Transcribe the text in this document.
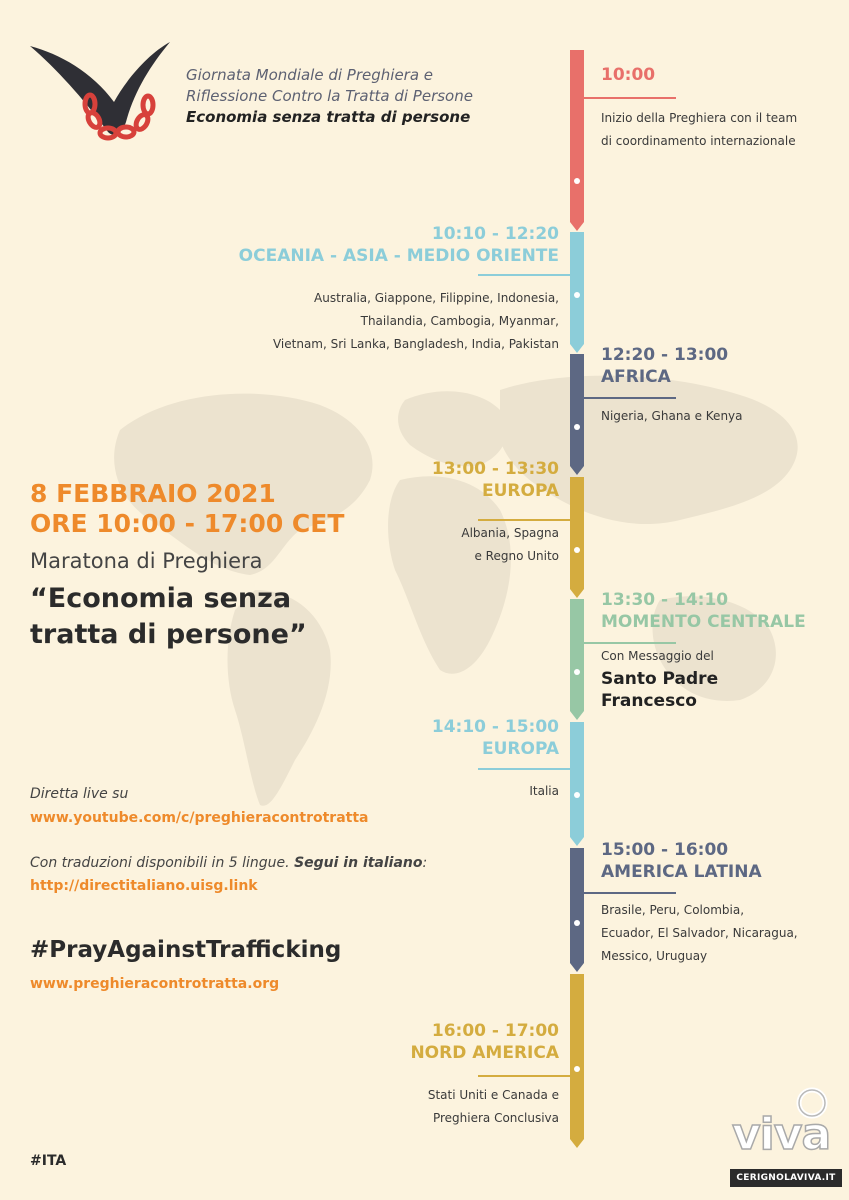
Giornata Mondiale di Preghiera e
Riflessione Contro la Tratta di Persone
Economia senza tratta di persone
10:00
Inizio della Preghiera con il team
di coordinamento internazionale
10:10 - 12:20
OCEANIA - ASIA - MEDIO ORIENTE
Australia, Giappone, Filippine, Indonesia,
Thailandia, Cambogia, Myanmar,
Vietnam, Sri Lanka, Bangladesh, India, Pakistan
12:20 - 13:00
AFRICA
Nigeria, Ghana e Kenya
13:00 - 13:30
EUROPA
Albania, Spagna
e Regno Unito
13:30 - 14:10
MOMENTO CENTRALE
Con Messaggio del
Santo Padre
Francesco
14:10 - 15:00
EUROPA
Italia
15:00 - 16:00
AMERICA LATINA
Brasile, Peru, Colombia,
Ecuador, El Salvador, Nicaragua,
Messico, Uruguay
16:00 - 17:00
NORD AMERICA
Stati Uniti e Canada e
Preghiera Conclusiva
8 FEBBRAIO 2021
ORE 10:00 - 17:00 CET
Maratona di Preghiera
“Economia senza
tratta di persone”
Diretta live su
www.youtube.com/c/preghieracontrotratta
Con traduzioni disponibili in 5 lingue. Segui in italiano:
http://directitaliano.uisg.link
#PrayAgainstTrafficking
www.preghieracontrotratta.org
#ITA
viva
CERIGNOLAVIVA.IT
